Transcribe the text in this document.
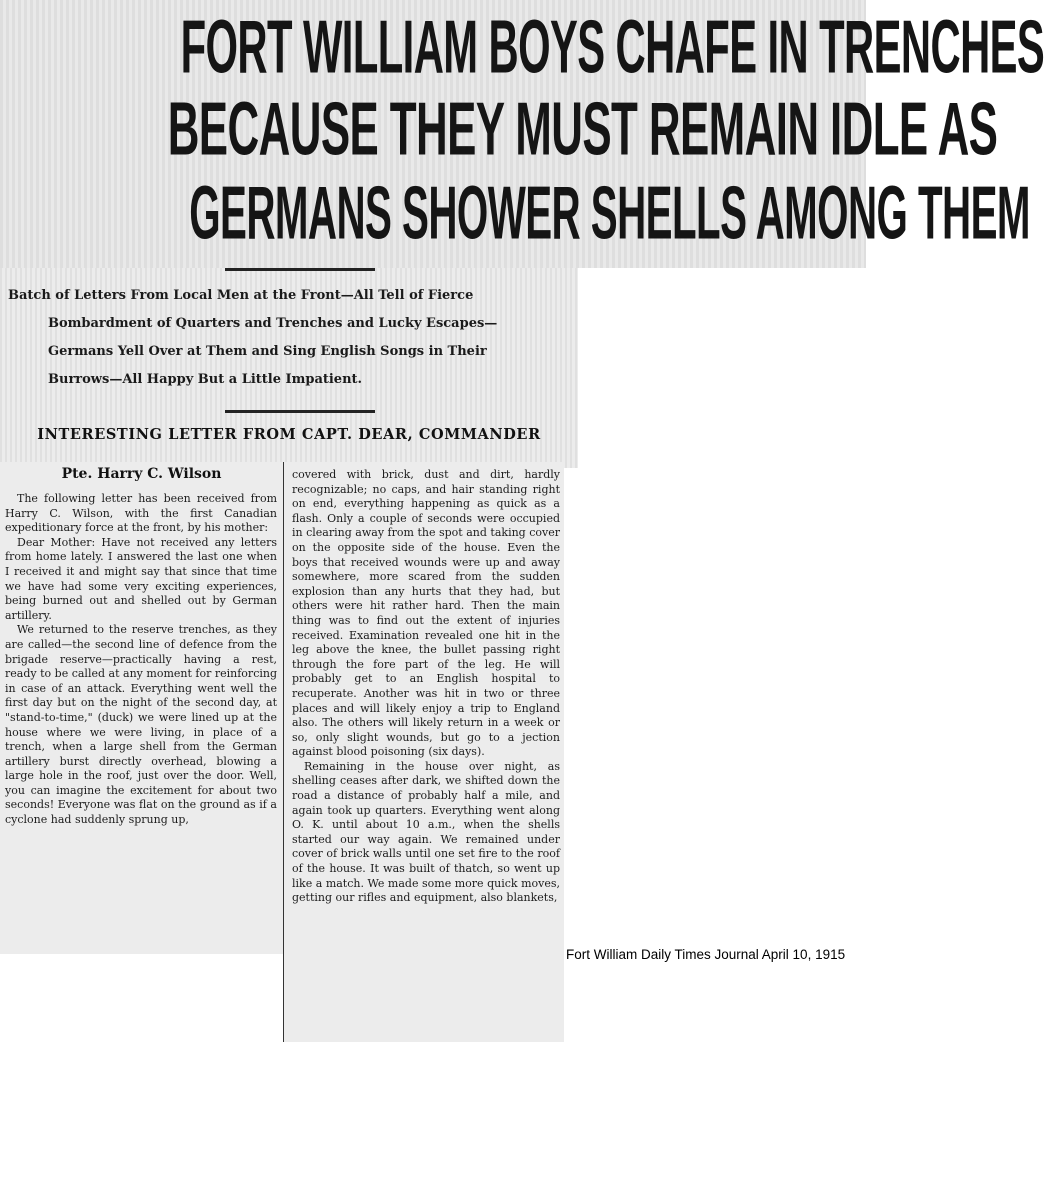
FORT WILLIAM BOYS CHAFE IN TRENCHES
BECAUSE THEY MUST REMAIN IDLE AS
GERMANS SHOWER SHELLS AMONG THEM
Batch of Letters From Local Men at the Front—All Tell of Fierce
Bombardment of Quarters and Trenches and Lucky Escapes—
Germans Yell Over at Them and Sing English Songs in Their
Burrows—All Happy But a Little Impatient.
INTERESTING LETTER FROM CAPT. DEAR, COMMANDER
Pte. Harry C. Wilson

The following letter has been received from Harry C. Wilson, with the first Canadian expeditionary force at the front, by his mother:

Dear Mother: Have not received any letters from home lately. I answered the last one when I received it and might say that since that time we have had some very exciting experiences, being burned out and shelled out by German artillery.

We returned to the reserve trenches, as they are called—the second line of defence from the brigade reserve—practically having a rest, ready to be called at any moment for reinforcing in case of an attack. Everything went well the first day but on the night of the second day, at "stand-to-time," (duck) we were lined up at the house where we were living, in place of a trench, when a large shell from the German artillery burst directly overhead, blowing a large hole in the roof, just over the door. Well, you can imagine the excitement for about two seconds! Everyone was flat on the ground as if a cyclone had suddenly sprung up,

covered with brick, dust and dirt, hardly recognizable; no caps, and hair standing right on end, everything happening as quick as a flash. Only a couple of seconds were occupied in clearing away from the spot and taking cover on the opposite side of the house. Even the boys that received wounds were up and away somewhere, more scared from the sudden explosion than any hurts that they had, but others were hit rather hard. Then the main thing was to find out the extent of injuries received. Examination revealed one hit in the leg above the knee, the bullet passing right through the fore part of the leg. He will probably get to an English hospital to recuperate. Another was hit in two or three places and will likely enjoy a trip to England also. The others will likely return in a week or so, only slight wounds, but go to a jection against blood poisoning (six days).

Remaining in the house over night, as shelling ceases after dark, we shifted down the road a distance of probably half a mile, and again took up quarters. Everything went along O. K. until about 10 a.m., when the shells started our way again. We remained under cover of brick walls until one set fire to the roof of the house. It was built of thatch, so went up like a match. We made some more quick moves, getting our rifles and equipment, also blankets,

Fort William Daily Times Journal April 10, 1915
